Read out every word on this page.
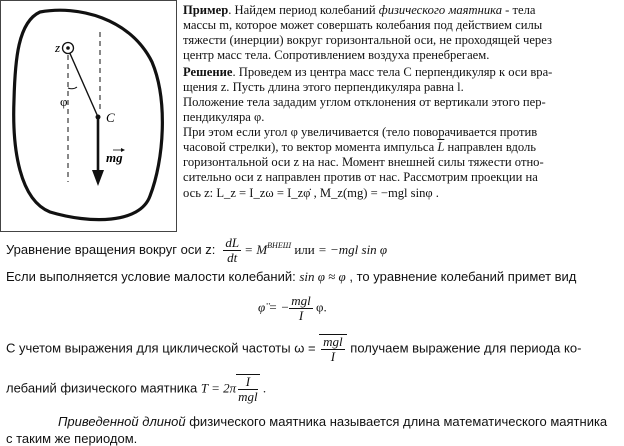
z
φ
C
mg
Пример. Найдем период колебаний физического маятника - тела
массы m, которое может совершать колебания под действием силы
тяжести (инерции) вокруг горизонтальной оси, не проходящей через
центр масс тела. Сопротивлением воздуха пренебрегаем.
Решение. Проведем из центра масс тела C перпендикуляр к оси вра-
щения z. Пусть длина этого перпендикуляра равна l.
Положение тела зададим углом отклонения от вертикали этого пер-
пендикуляра φ.
При этом если угол φ увеличивается (тело поворачивается против
часовой стрелки), то вектор момента импульса $\overline{L}$ направлен вдоль
горизонтальной оси z на нас. Момент внешней силы тяжести отно-
сительно оси z направлен против от нас. Рассмотрим проекции на
ось z: L_z = I_zω = I_zφ̇ , M_z(mg) = −mgl sinφ .
Уравнение вращения вокруг оси z: $\frac{dL}{dt} = M^{ВНЕШ}$ или = −mgl sin φ
Если выполняется условие малости колебаний: sin φ ≈ φ , то уравнение колебаний примет вид
φ̈ = − $\frac{\text{mgl}}{I} \varphi$.
С учетом выражения для циклической частоты $\omega = \frac{\text{mgl}}{I}$ получаем выражение для периода ко-
лебаний физического маятника $T = 2\pi \frac{I}{\text{mgl}}$ .
Приведенной длиной физического маятника называется длина математического маятника
с таким же периодом.
